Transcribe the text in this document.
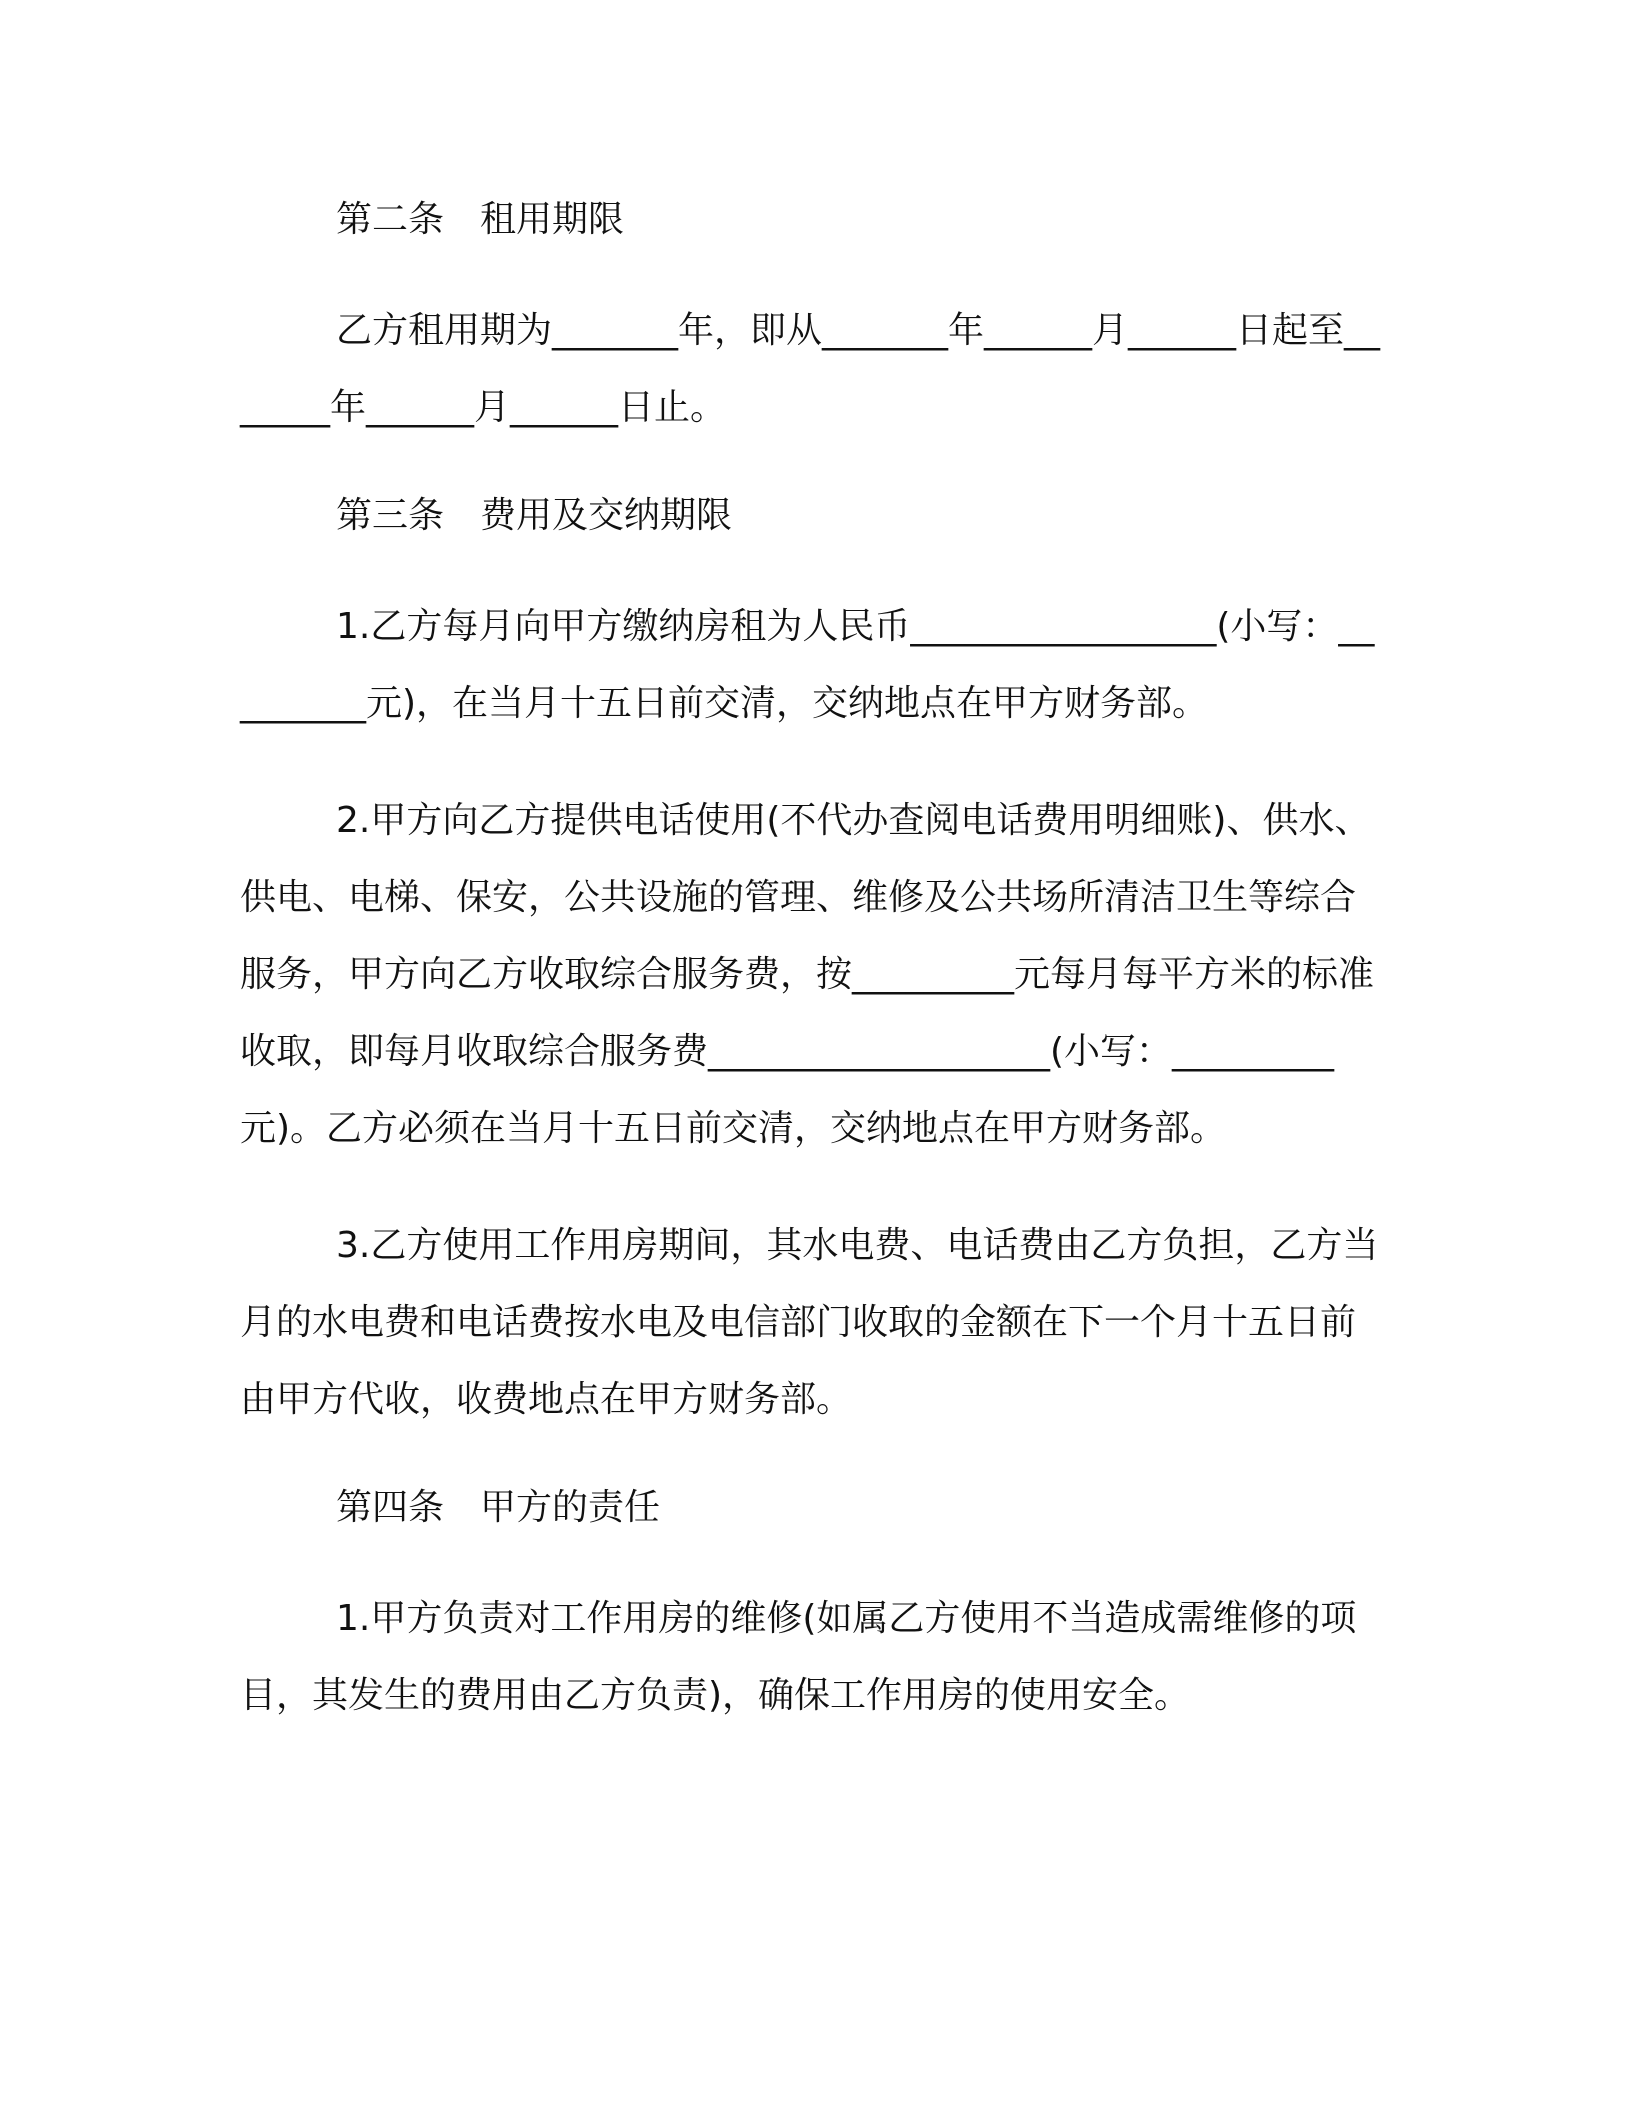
第二条　租用期限

乙方租用期为_______年，即从_______年______月______日起至_______年______月______日止。

第三条　费用及交纳期限

1.乙方每月向甲方缴纳房租为人民币_________________(小写：_________元)，在当月十五日前交清，交纳地点在甲方财务部。

2.甲方向乙方提供电话使用(不代办查阅电话费用明细账)、供水、供电、电梯、保安，公共设施的管理、维修及公共场所清洁卫生等综合服务，甲方向乙方收取综合服务费，按_________元每月每平方米的标准收取，即每月收取综合服务费___________________(小写：_________元)。乙方必须在当月十五日前交清，交纳地点在甲方财务部。

3.乙方使用工作用房期间，其水电费、电话费由乙方负担，乙方当月的水电费和电话费按水电及电信部门收取的金额在下一个月十五日前由甲方代收，收费地点在甲方财务部。

第四条　甲方的责任

1.甲方负责对工作用房的维修(如属乙方使用不当造成需维修的项目，其发生的费用由乙方负责)，确保工作用房的使用安全。
